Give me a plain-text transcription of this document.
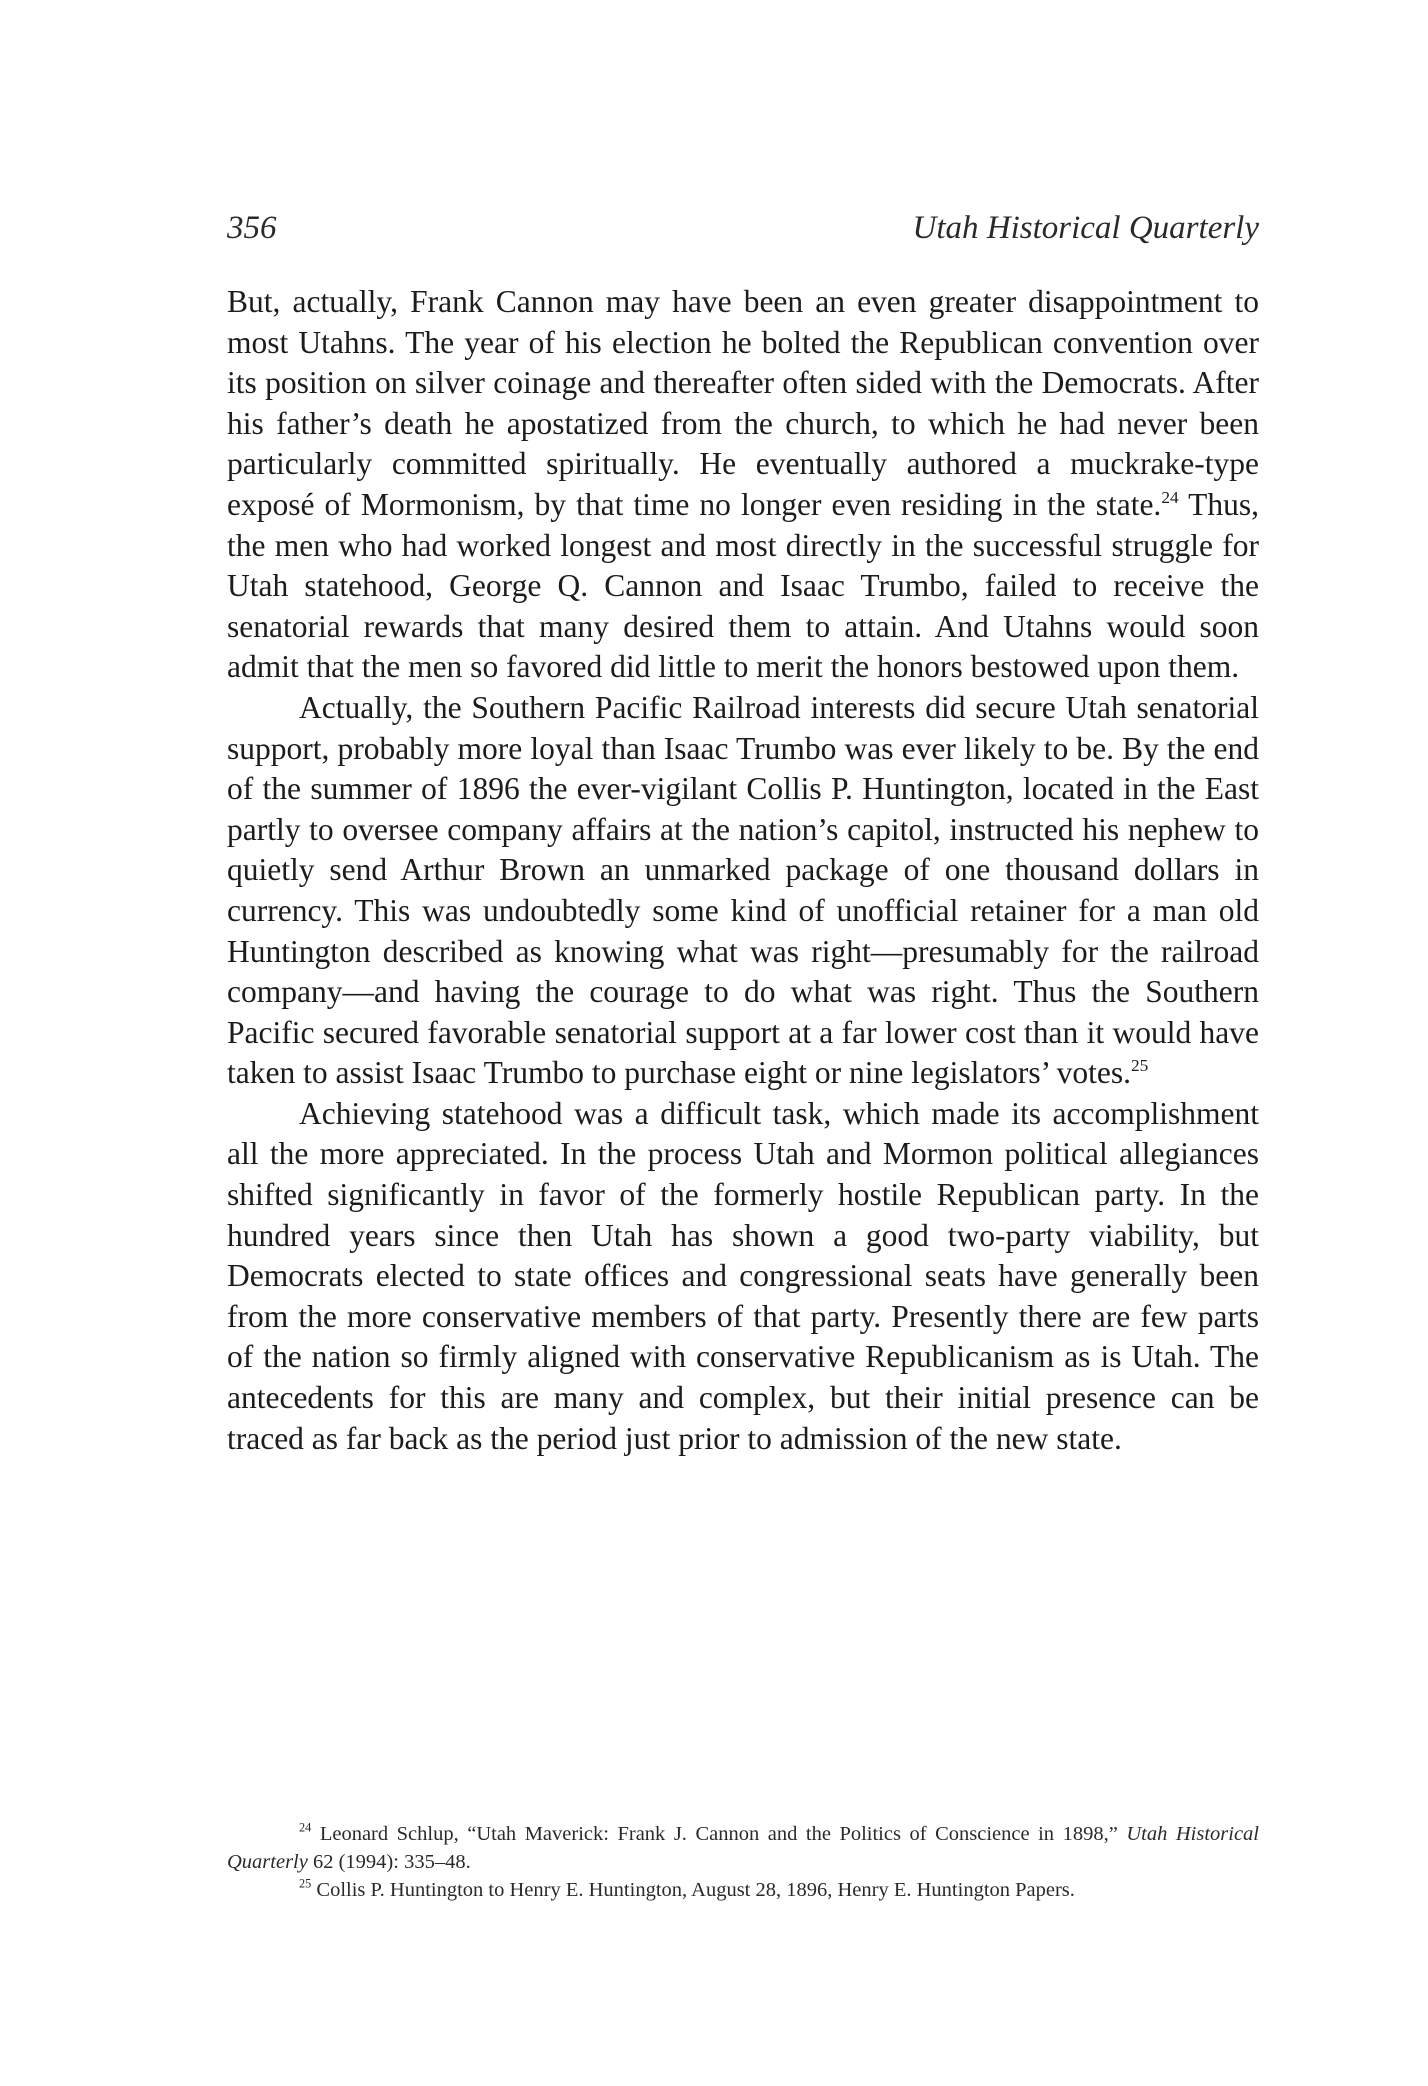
356	Utah Historical Quarterly

But, actually, Frank Cannon may have been an even greater disappointment to most Utahns. The year of his election he bolted the Republican convention over its position on silver coinage and thereafter often sided with the Democrats. After his father’s death he apostatized from the church, to which he had never been particularly committed spiritually. He eventually authored a muckrake-type exposé of Mormonism, by that time no longer even residing in the state.$^{24}$ Thus, the men who had worked longest and most directly in the successful struggle for Utah statehood, George Q. Cannon and Isaac Trumbo, failed to receive the senatorial rewards that many desired them to attain. And Utahns would soon admit that the men so favored did little to merit the honors bestowed upon them.

Actually, the Southern Pacific Railroad interests did secure Utah senatorial support, probably more loyal than Isaac Trumbo was ever likely to be. By the end of the summer of 1896 the ever-vigilant Collis P. Huntington, located in the East partly to oversee company affairs at the nation’s capitol, instructed his nephew to quietly send Arthur Brown an unmarked package of one thousand dollars in currency. This was undoubtedly some kind of unofficial retainer for a man old Huntington described as knowing what was right—presumably for the railroad company—and having the courage to do what was right. Thus the Southern Pacific secured favorable senatorial support at a far lower cost than it would have taken to assist Isaac Trumbo to purchase eight or nine legislators’ votes.$^{25}$

Achieving statehood was a difficult task, which made its accomplishment all the more appreciated. In the process Utah and Mormon political allegiances shifted significantly in favor of the formerly hostile Republican party. In the hundred years since then Utah has shown a good two-party viability, but Democrats elected to state offices and congressional seats have generally been from the more conservative members of that party. Presently there are few parts of the nation so firmly aligned with conservative Republicanism as is Utah. The antecedents for this are many and complex, but their initial presence can be traced as far back as the period just prior to admission of the new state.

$^{24}$ Leonard Schlup, “Utah Maverick: Frank J. Cannon and the Politics of Conscience in 1898,” Utah Historical Quarterly 62 (1994): 335–48.

$^{25}$ Collis P. Huntington to Henry E. Huntington, August 28, 1896, Henry E. Huntington Papers.
